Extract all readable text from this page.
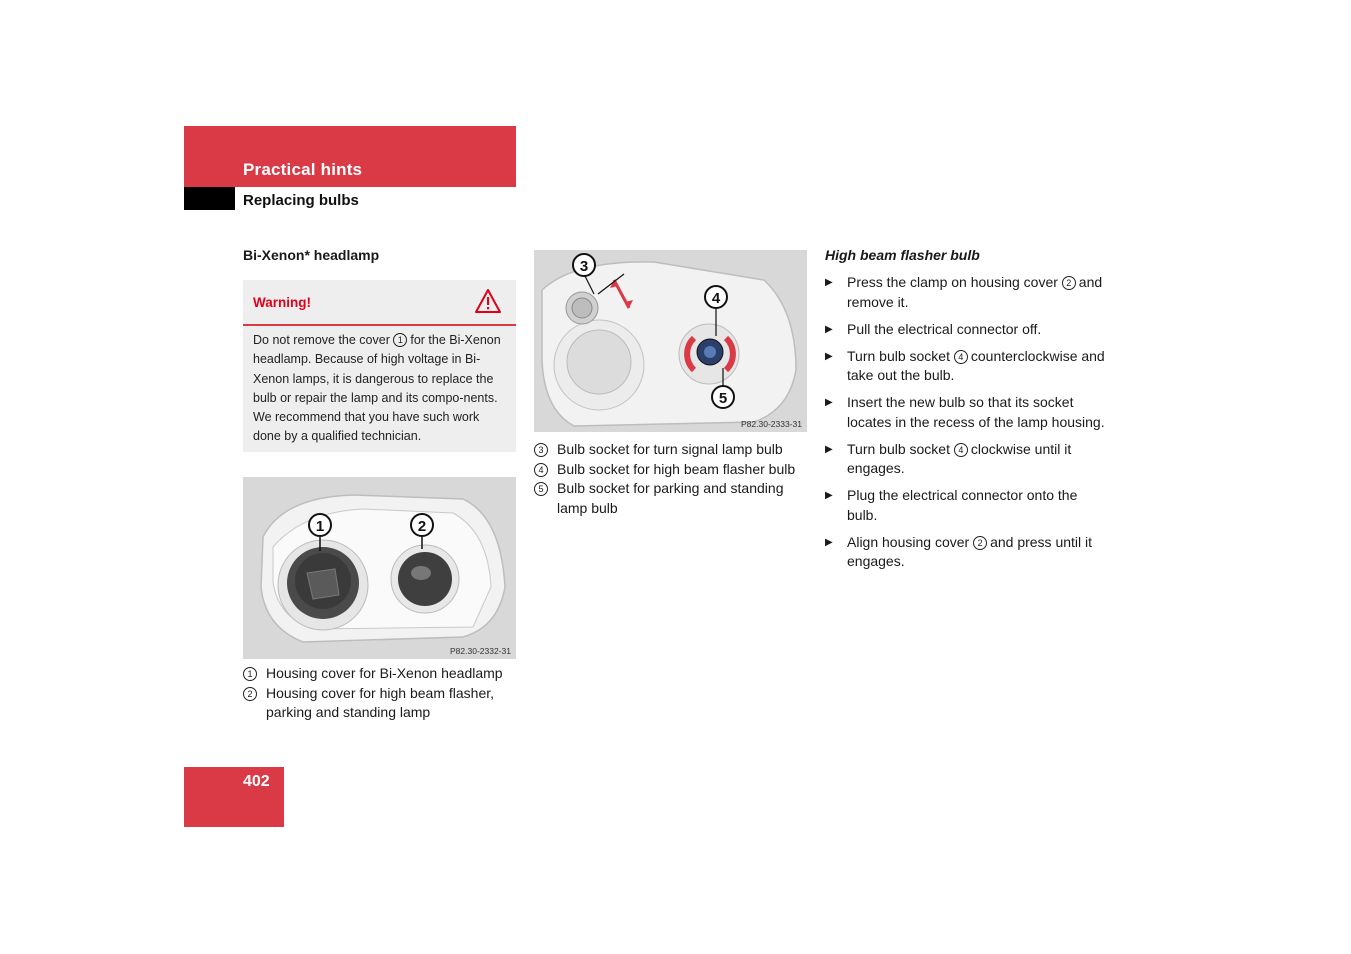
Practical hints
Replacing bulbs
Bi-Xenon* headlamp
Warning!
Do not remove the cover 1 for the Bi-Xenon headlamp. Because of high voltage in Bi-Xenon lamps, it is dangerous to replace the bulb or repair the lamp and its compo-nents. We recommend that you have such work done by a qualified technician.
1	2
P82.30-2332-31
1 Housing cover for Bi-Xenon headlamp
2 Housing cover for high beam flasher, parking and standing lamp
3
4
5
P82.30-2333-31
3 Bulb socket for turn signal lamp bulb
4 Bulb socket for high beam flasher bulb
5 Bulb socket for parking and standing lamp bulb
High beam flasher bulb
▶ Press the clamp on housing cover 2 and remove it.
▶ Pull the electrical connector off.
▶ Turn bulb socket 4 counterclockwise and take out the bulb.
▶ Insert the new bulb so that its socket locates in the recess of the lamp housing.
▶ Turn bulb socket 4 clockwise until it engages.
▶ Plug the electrical connector onto the bulb.
▶ Align housing cover 2 and press until it engages.
402
